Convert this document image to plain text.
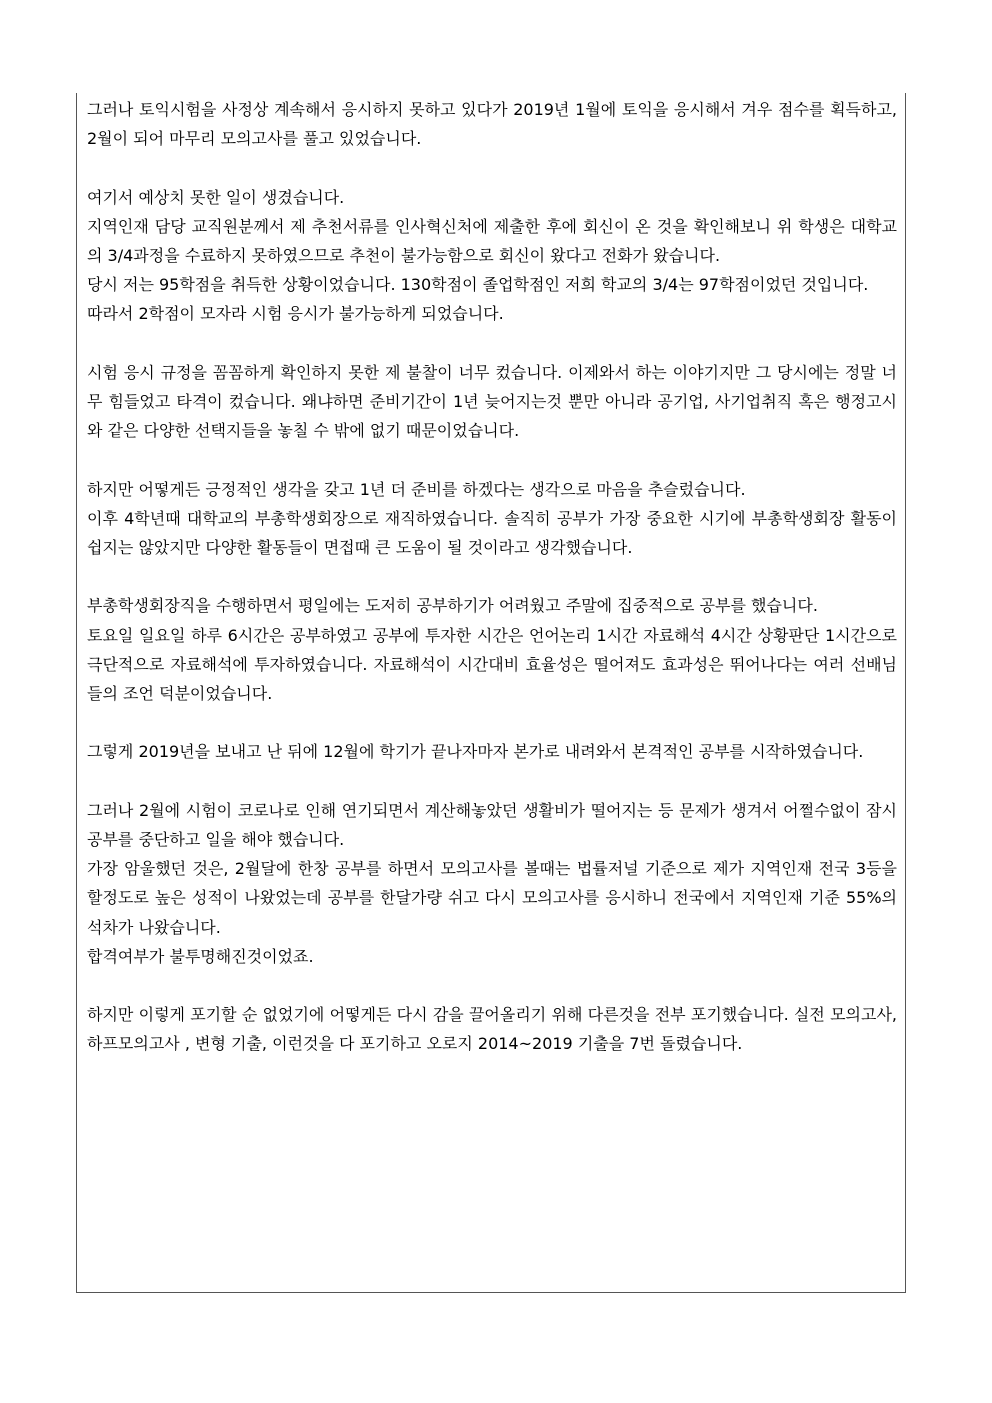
그러나 토익시험을 사정상 계속해서 응시하지 못하고 있다가 2019년 1월에 토익을 응시해서 겨우 점수를 획득하고, 2월이 되어 마무리 모의고사를 풀고 있었습니다.

여기서 예상치 못한 일이 생겼습니다.

지역인재 담당 교직원분께서 제 추천서류를 인사혁신처에 제출한 후에 회신이 온 것을 확인해보니 위 학생은 대학교의 3/4과정을 수료하지 못하였으므로 추천이 불가능함으로 회신이 왔다고 전화가 왔습니다.

당시 저는 95학점을 취득한 상황이었습니다. 130학점이 졸업학점인 저희 학교의 3/4는 97학점이었던 것입니다.

따라서 2학점이 모자라 시험 응시가 불가능하게 되었습니다.

시험 응시 규정을 꼼꼼하게 확인하지 못한 제 불찰이 너무 컸습니다. 이제와서 하는 이야기지만 그 당시에는 정말 너무 힘들었고 타격이 컸습니다. 왜냐하면 준비기간이 1년 늦어지는것 뿐만 아니라 공기업, 사기업취직 혹은 행정고시와 같은 다양한 선택지들을 놓칠 수 밖에 없기 때문이었습니다.

하지만 어떻게든 긍정적인 생각을 갖고 1년 더 준비를 하겠다는 생각으로 마음을 추슬렀습니다.

이후 4학년때 대학교의 부총학생회장으로 재직하였습니다. 솔직히 공부가 가장 중요한 시기에 부총학생회장 활동이 쉽지는 않았지만 다양한 활동들이 면접때 큰 도움이 될 것이라고 생각했습니다.

부총학생회장직을 수행하면서 평일에는 도저히 공부하기가 어려웠고 주말에 집중적으로 공부를 했습니다.

토요일 일요일 하루 6시간은 공부하였고 공부에 투자한 시간은 언어논리 1시간 자료해석 4시간 상황판단 1시간으로 극단적으로 자료해석에 투자하였습니다. 자료해석이 시간대비 효율성은 떨어져도 효과성은 뛰어나다는 여러 선배님들의 조언 덕분이었습니다.

그렇게 2019년을 보내고 난 뒤에 12월에 학기가 끝나자마자 본가로 내려와서 본격적인 공부를 시작하였습니다.

그러나 2월에 시험이 코로나로 인해 연기되면서 계산해놓았던 생활비가 떨어지는 등 문제가 생겨서 어쩔수없이 잠시 공부를 중단하고 일을 해야 했습니다.

가장 암울했던 것은, 2월달에 한창 공부를 하면서 모의고사를 볼때는 법률저널 기준으로 제가 지역인재 전국 3등을 할정도로 높은 성적이 나왔었는데 공부를 한달가량 쉬고 다시 모의고사를 응시하니 전국에서 지역인재 기준 55%의 석차가 나왔습니다.

합격여부가 불투명해진것이었죠.

하지만 이렇게 포기할 순 없었기에 어떻게든 다시 감을 끌어올리기 위해 다른것을 전부 포기했습니다. 실전 모의고사, 하프모의고사 , 변형 기출, 이런것을 다 포기하고 오로지 2014~2019 기출을 7번 돌렸습니다.
